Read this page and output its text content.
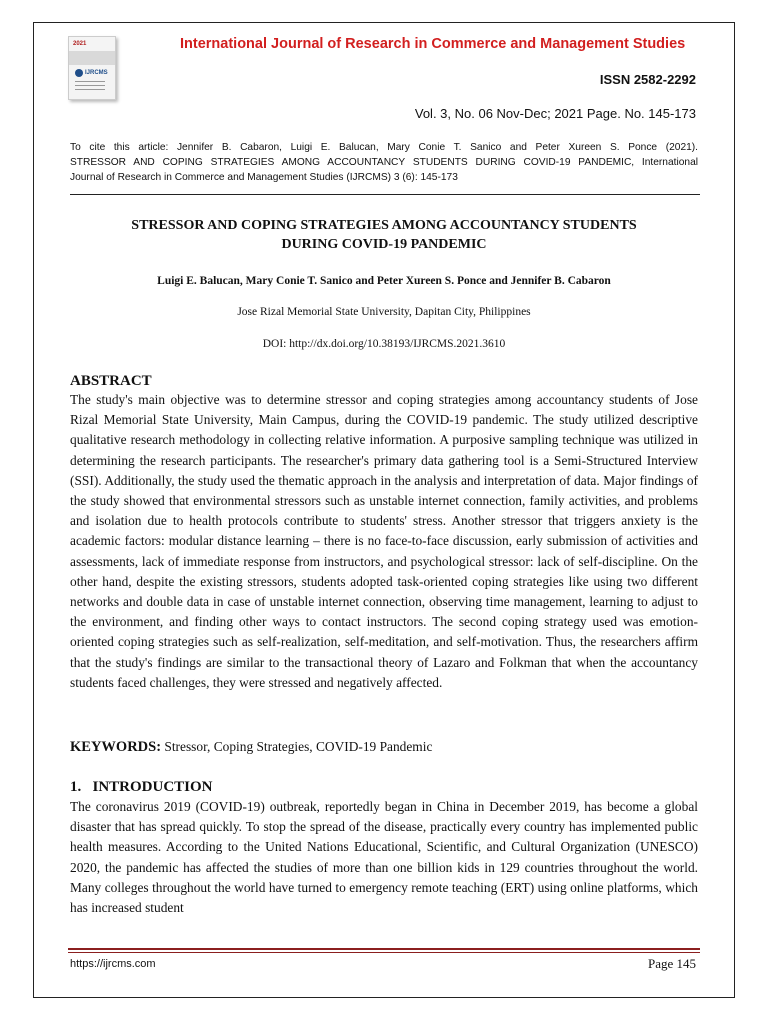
2021
IJRCMS
International Journal of Research in Commerce and Management Studies
ISSN 2582-2292
Vol. 3, No. 06 Nov-Dec; 2021 Page. No. 145-173
To cite this article: Jennifer B. Cabaron, Luigi E. Balucan, Mary Conie T. Sanico and Peter Xureen S. Ponce (2021).
STRESSOR AND COPING STRATEGIES AMONG ACCOUNTANCY STUDENTS DURING COVID-19 PANDEMIC, International
Journal of Research in Commerce and Management Studies (IJRCMS) 3 (6): 145-173
STRESSOR AND COPING STRATEGIES AMONG ACCOUNTANCY STUDENTS
DURING COVID-19 PANDEMIC
Luigi E. Balucan, Mary Conie T. Sanico and Peter Xureen S. Ponce and Jennifer B. Cabaron
Jose Rizal Memorial State University, Dapitan City, Philippines
DOI: http://dx.doi.org/10.38193/IJRCMS.2021.3610
ABSTRACT

The study's main objective was to determine stressor and coping strategies among accountancy students of Jose Rizal Memorial State University, Main Campus, during the COVID-19 pandemic. The study utilized descriptive qualitative research methodology in collecting relative information. A purposive sampling technique was utilized in determining the research participants. The researcher's primary data gathering tool is a Semi-Structured Interview (SSI). Additionally, the study used the thematic approach in the analysis and interpretation of data. Major findings of the study showed that environmental stressors such as unstable internet connection, family activities, and problems and isolation due to health protocols contribute to students' stress. Another stressor that triggers anxiety is the academic factors: modular distance learning – there is no face-to-face discussion, early submission of activities and assessments, lack of immediate response from instructors, and psychological stressor: lack of self-discipline. On the other hand, despite the existing stressors, students adopted task-oriented coping strategies like using two different networks and double data in case of unstable internet connection, observing time management, learning to adjust to the environment, and finding other ways to contact instructors. The second coping strategy used was emotion-oriented coping strategies such as self-realization, self-meditation, and self-motivation. Thus, the researchers affirm that the study's findings are similar to the transactional theory of Lazaro and Folkman that when the accountancy students faced challenges, they were stressed and negatively affected.

KEYWORDS: Stressor, Coping Strategies, COVID-19 Pandemic
1.   INTRODUCTION

The coronavirus 2019 (COVID-19) outbreak, reportedly began in China in December 2019, has become a global disaster that has spread quickly. To stop the spread of the disease, practically every country has implemented public health measures. According to the United Nations Educational, Scientific, and Cultural Organization (UNESCO) 2020, the pandemic has affected the studies of more than one billion kids in 129 countries throughout the world. Many colleges throughout the world have turned to emergency remote teaching (ERT) using online platforms, which has increased student

https://ijrcms.com	Page 145
